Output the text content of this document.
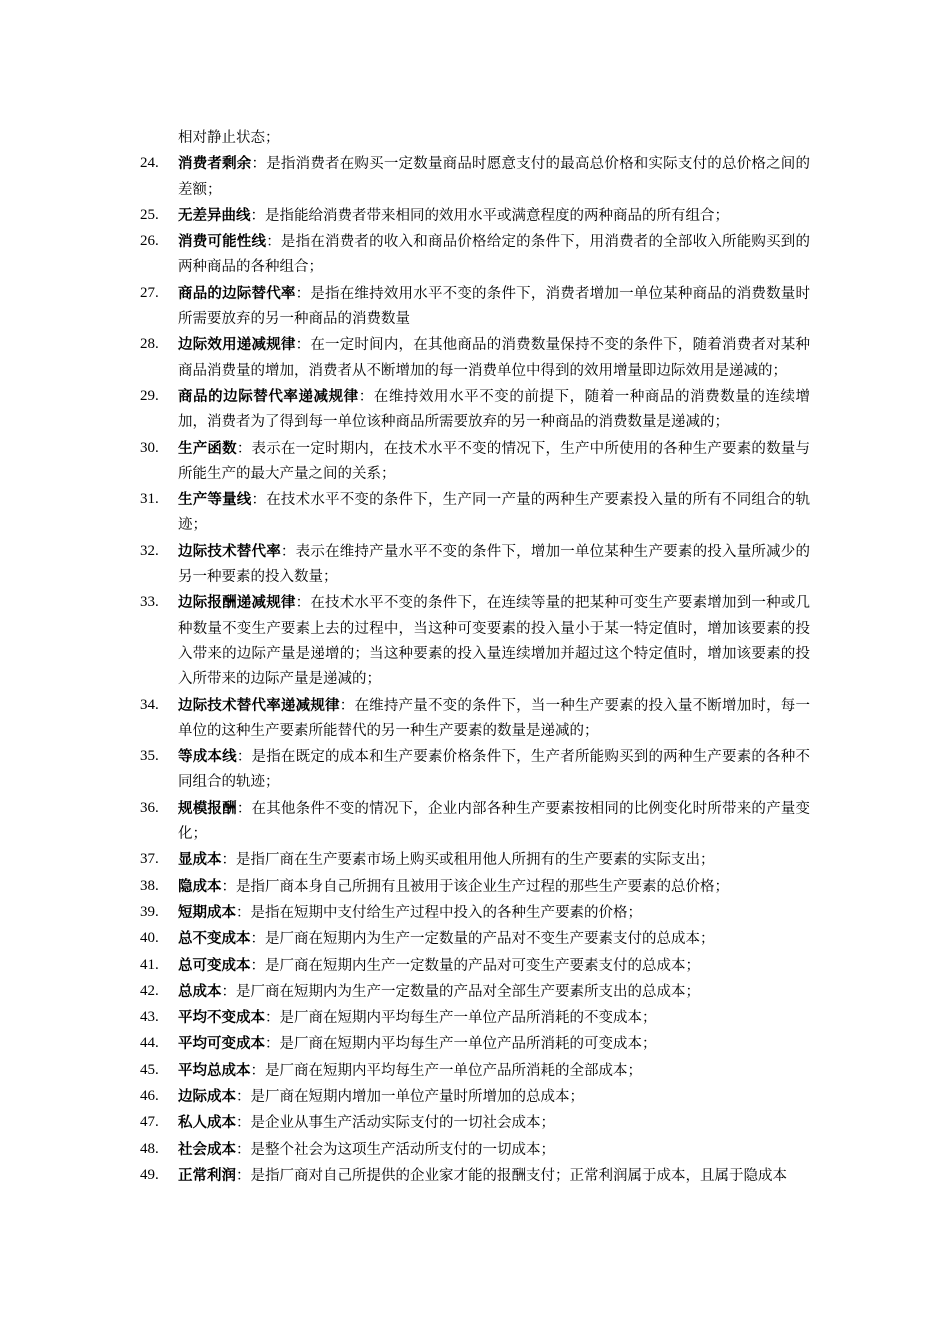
相对静止状态；
24.	消费者剩余：是指消费者在购买一定数量商品时愿意支付的最高总价格和实际支付的总价格之间的差额；
25.	无差异曲线：是指能给消费者带来相同的效用水平或满意程度的两种商品的所有组合；
26.	消费可能性线：是指在消费者的收入和商品价格给定的条件下，用消费者的全部收入所能购买到的两种商品的各种组合；
27.	商品的边际替代率：是指在维持效用水平不变的条件下，消费者增加一单位某种商品的消费数量时所需要放弃的另一种商品的消费数量
28.	边际效用递减规律：在一定时间内，在其他商品的消费数量保持不变的条件下，随着消费者对某种商品消费量的增加，消费者从不断增加的每一消费单位中得到的效用增量即边际效用是递减的；
29.	商品的边际替代率递减规律：在维持效用水平不变的前提下，随着一种商品的消费数量的连续增加，消费者为了得到每一单位该种商品所需要放弃的另一种商品的消费数量是递减的；
30.	生产函数：表示在一定时期内，在技术水平不变的情况下，生产中所使用的各种生产要素的数量与所能生产的最大产量之间的关系；
31.	生产等量线：在技术水平不变的条件下，生产同一产量的两种生产要素投入量的所有不同组合的轨迹；
32.	边际技术替代率：表示在维持产量水平不变的条件下，增加一单位某种生产要素的投入量所减少的另一种要素的投入数量；
33.	边际报酬递减规律：在技术水平不变的条件下，在连续等量的把某种可变生产要素增加到一种或几种数量不变生产要素上去的过程中，当这种可变要素的投入量小于某一特定值时，增加该要素的投入带来的边际产量是递增的；当这种要素的投入量连续增加并超过这个特定值时，增加该要素的投入所带来的边际产量是递减的；
34.	边际技术替代率递减规律：在维持产量不变的条件下，当一种生产要素的投入量不断增加时，每一单位的这种生产要素所能替代的另一种生产要素的数量是递减的；
35.	等成本线：是指在既定的成本和生产要素价格条件下，生产者所能购买到的两种生产要素的各种不同组合的轨迹；
36.	规模报酬：在其他条件不变的情况下，企业内部各种生产要素按相同的比例变化时所带来的产量变化；
37.	显成本：是指厂商在生产要素市场上购买或租用他人所拥有的生产要素的实际支出；
38.	隐成本：是指厂商本身自己所拥有且被用于该企业生产过程的那些生产要素的总价格；
39.	短期成本：是指在短期中支付给生产过程中投入的各种生产要素的价格；
40.	总不变成本：是厂商在短期内为生产一定数量的产品对不变生产要素支付的总成本；
41.	总可变成本：是厂商在短期内生产一定数量的产品对可变生产要素支付的总成本；
42.	总成本：是厂商在短期内为生产一定数量的产品对全部生产要素所支出的总成本；
43.	平均不变成本：是厂商在短期内平均每生产一单位产品所消耗的不变成本；
44.	平均可变成本：是厂商在短期内平均每生产一单位产品所消耗的可变成本；
45.	平均总成本：是厂商在短期内平均每生产一单位产品所消耗的全部成本；
46.	边际成本：是厂商在短期内增加一单位产量时所增加的总成本；
47.	私人成本：是企业从事生产活动实际支付的一切社会成本；
48.	社会成本：是整个社会为这项生产活动所支付的一切成本；
49.	正常利润：是指厂商对自己所提供的企业家才能的报酬支付；正常利润属于成本，且属于隐成本
